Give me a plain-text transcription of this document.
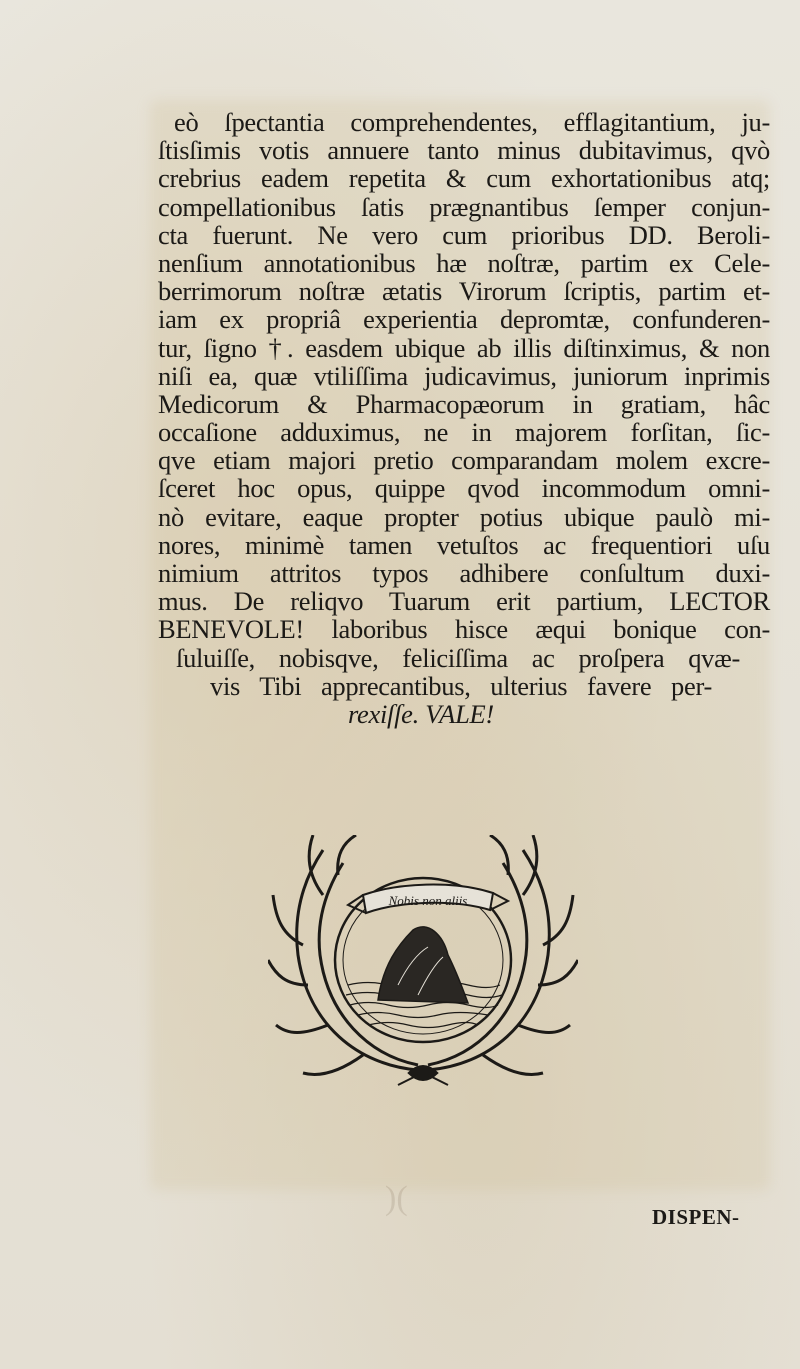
eò ſpectantia comprehendentes, efflagitantium, ju-
ſtisſimis votis annuere tanto minus dubitavimus, qvò
crebrius eadem repetita & cum exhortationibus atq;
compellationibus ſatis prægnantibus ſemper conjun-
cta fuerunt. Ne vero cum prioribus DD. Beroli-
nenſium annotationibus hæ noſtræ, partim ex Cele-
berrimorum noſtræ ætatis Virorum ſcriptis, partim et-
iam ex propriâ experientia depromtæ, confunderen-
tur, ſigno †. easdem ubique ab illis diſtinximus, & non
niſi ea, quæ vtiliſſima judicavimus, juniorum inprimis
Medicorum & Pharmacopæorum in gratiam, hâc
occaſione adduximus, ne in majorem forſitan, ſic-
qve etiam majori pretio comparandam molem excre-
ſceret hoc opus, quippe qvod incommodum omni-
nò evitare, eaque propter potius ubique paulò mi-
nores, minimè tamen vetuſtos ac frequentiori uſu
nimium attritos typos adhibere conſultum duxi-
mus. De reliqvo Tuarum erit partium, LECTOR
BENEVOLE! laboribus hisce æqui bonique con-
ſuluiſſe, nobisqve, feliciſſima ac proſpera qvæ-
vis Tibi apprecantibus, ulterius favere per-
rexiſſe. VALE!
Nobis non aliis
)(	DISPEN-
